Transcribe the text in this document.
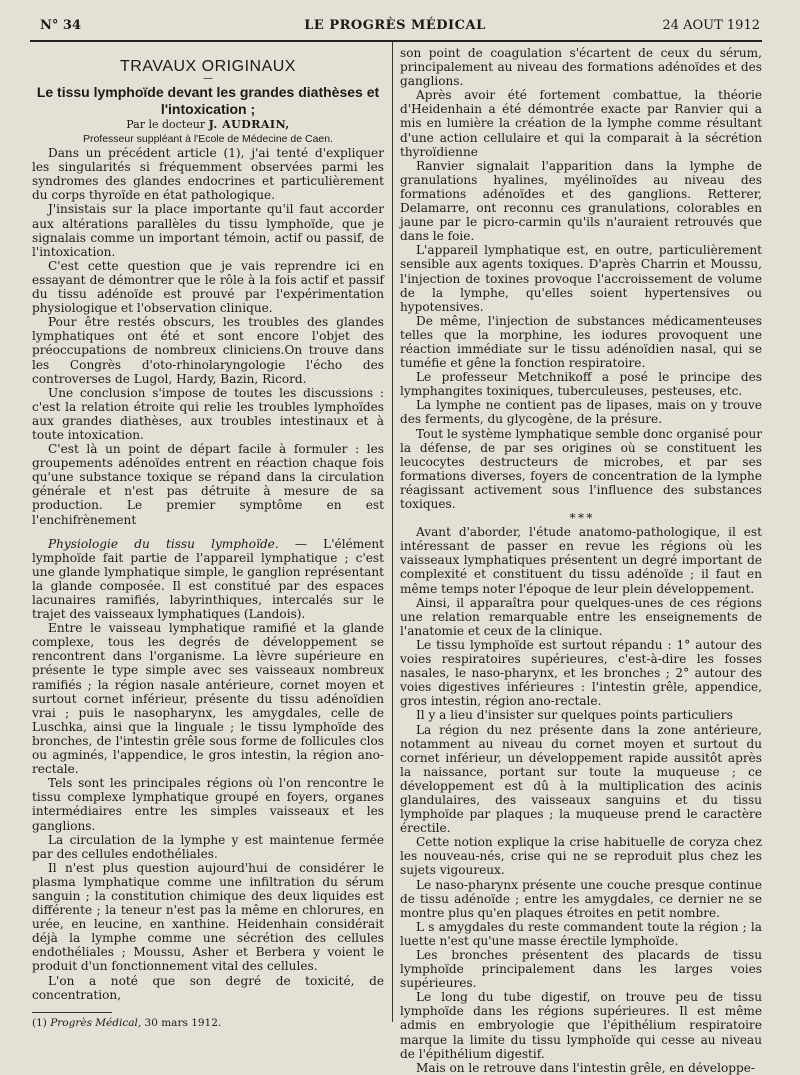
N° 34	LE PROGRÈS MÉDICAL	24 AOUT 1912

TRAVAUX ORIGINAUX

—

Le tissu lymphoïde devant les grandes diathèses et l'intoxication ;

Par le docteur J. AUDRAIN,

Professeur suppléant à l'Ecole de Médecine de Caen.

Dans un précédent article (1), j'ai tenté d'expliquer les singularités si fréquemment observées parmi les syndromes des glandes endocrines et particulièrement du corps thyroïde en état pathologique.

J'insistais sur la place importante qu'il faut accorder aux altérations parallèles du tissu lymphoïde, que je signalais comme un important témoin, actif ou passif, de l'intoxication.

C'est cette question que je vais reprendre ici en essayant de démontrer que le rôle à la fois actif et passif du tissu adénoïde est prouvé par l'expérimentation physiologique et l'observation clinique.

Pour être restés obscurs, les troubles des glandes lymphatiques ont été et sont encore l'objet des préoccupations de nombreux cliniciens.On trouve dans les Congrès d'oto-rhinolaryngologie l'écho des controverses de Lugol, Hardy, Bazin, Ricord.

Une conclusion s'impose de toutes les discussions : c'est la relation étroite qui relie les troubles lymphoïdes aux grandes diathèses, aux troubles intestinaux et à toute intoxication.

C'est là un point de départ facile à formuler : les groupements adénoïdes entrent en réaction chaque fois qu'une substance toxique se répand dans la circulation générale et n'est pas détruite à mesure de sa production. Le premier symptôme en est l'enchifrènement

Physiologie du tissu lymphoïde. — L'élément lymphoïde fait partie de l'appareil lymphatique ; c'est une glande lymphatique simple, le ganglion représentant la glande composée. Il est constitué par des espaces lacunaires ramifiés, labyrinthiques, intercalés sur le trajet des vaisseaux lymphatiques (Landois).

Entre le vaisseau lymphatique ramifié et la glande complexe, tous les degrés de développement se rencontrent dans l'organisme. La lèvre supérieure en présente le type simple avec ses vaisseaux nombreux ramifiés ; la région nasale antérieure, cornet moyen et surtout cornet inférieur, présente du tissu adénoïdien vrai ; puis le nasopharynx, les amygdales, celle de Luschka, ainsi que la linguale ; le tissu lymphoïde des bronches, de l'intestin grêle sous forme de follicules clos ou agminés, l'appendice, le gros intestin, la région ano-rectale.

Tels sont les principales régions où l'on rencontre le tissu complexe lymphatique groupé en foyers, organes intermédiaires entre les simples vaisseaux et les ganglions.

La circulation de la lymphe y est maintenue fermée par des cellules endothéliales.

Il n'est plus question aujourd'hui de considérer le plasma lymphatique comme une infiltration du sérum sanguin ; la constitution chimique des deux liquides est différente ; la teneur n'est pas la même en chlorures, en urée, en leucine, en xanthine. Heidenhain considérait déjà la lymphe comme une sécrétion des cellules endothéliales ; Moussu, Asher et Berbera y voient le produit d'un fonctionnement vital des cellules.

L'on a noté que son degré de toxicité, de concentration,

son point de coagulation s'écartent de ceux du sérum, principalement au niveau des formations adénoïdes et des ganglions.

Après avoir été fortement combattue, la théorie d'Heidenhain a été démontrée exacte par Ranvier qui a mis en lumière la création de la lymphe comme résultant d'une action cellulaire et qui la comparait à la sécrétion thyroïdienne

Ranvier signalait l'apparition dans la lymphe de granulations hyalines, myélinoïdes au niveau des formations adénoïdes et des ganglions. Retterer, Delamarre, ont reconnu ces granulations, colorables en jaune par le picro-carmin qu'ils n'auraient retrouvés que dans le foie.

L'appareil lymphatique est, en outre, particulièrement sensible aux agents toxiques. D'après Charrin et Moussu, l'injection de toxines provoque l'accroissement de volume de la lymphe, qu'elles soient hypertensives ou hypotensives.

De même, l'injection de substances médicamenteuses telles que la morphine, les iodures provoquent une réaction immédiate sur le tissu adénoïdien nasal, qui se tuméfie et gêne la fonction respiratoire.

Le professeur Metchnikoff a posé le principe des lymphangites toxiniques, tuberculeuses, pesteuses, etc.

La lymphe ne contient pas de lipases, mais on y trouve des ferments, du glycogène, de la présure.

Tout le système lymphatique semble donc organisé pour la défense, de par ses origines où se constituent les leucocytes destructeurs de microbes, et par ses formations diverses, foyers de concentration de la lymphe réagissant activement sous l'influence des substances toxiques.

* * *

Avant d'aborder, l'étude anatomo-pathologique, il est intéressant de passer en revue les régions où les vaisseaux lymphatiques présentent un degré important de complexité et constituent du tissu adénoïde ; il faut en même temps noter l'époque de leur plein développement.

Ainsi, il apparaîtra pour quelques-unes de ces régions une relation remarquable entre les enseignements de l'anatomie et ceux de la clinique.

Le tissu lymphoïde est surtout répandu : 1° autour des voies respiratoires supérieures, c'est-à-dire les fosses nasales, le naso-pharynx, et les bronches ; 2° autour des voies digestives inférieures : l'intestin grêle, appendice, gros intestin, région ano-rectale.

Il y a lieu d'insister sur quelques points particuliers

La région du nez présente dans la zone antérieure, notamment au niveau du cornet moyen et surtout du cornet inférieur, un développement rapide aussitôt après la naissance, portant sur toute la muqueuse ; ce développement est dû à la multiplication des acinis glandulaires, des vaisseaux sanguins et du tissu lymphoïde par plaques ; la muqueuse prend le caractère érectile.

Cette notion explique la crise habituelle de coryza chez les nouveau-nés, crise qui ne se reproduit plus chez les sujets vigoureux.

Le naso-pharynx présente une couche presque continue de tissu adénoïde ; entre les amygdales, ce dernier ne se montre plus qu'en plaques étroites en petit nombre.

L s amygdales du reste commandent toute la région ; la luette n'est qu'une masse érectile lymphoïde.

Les bronches présentent des placards de tissu lymphoïde principalement dans les larges voies supérieures.

Le long du tube digestif, on trouve peu de tissu lymphoïde dans les régions supérieures. Il est même admis en embryologie que l'épithélium respiratoire marque la limite du tissu lymphoïde qui cesse au niveau de l'épithélium digestif.

Mais on le retrouve dans l'intestin grêle, en développe-

(1) Progrès Médical, 30 mars 1912.
